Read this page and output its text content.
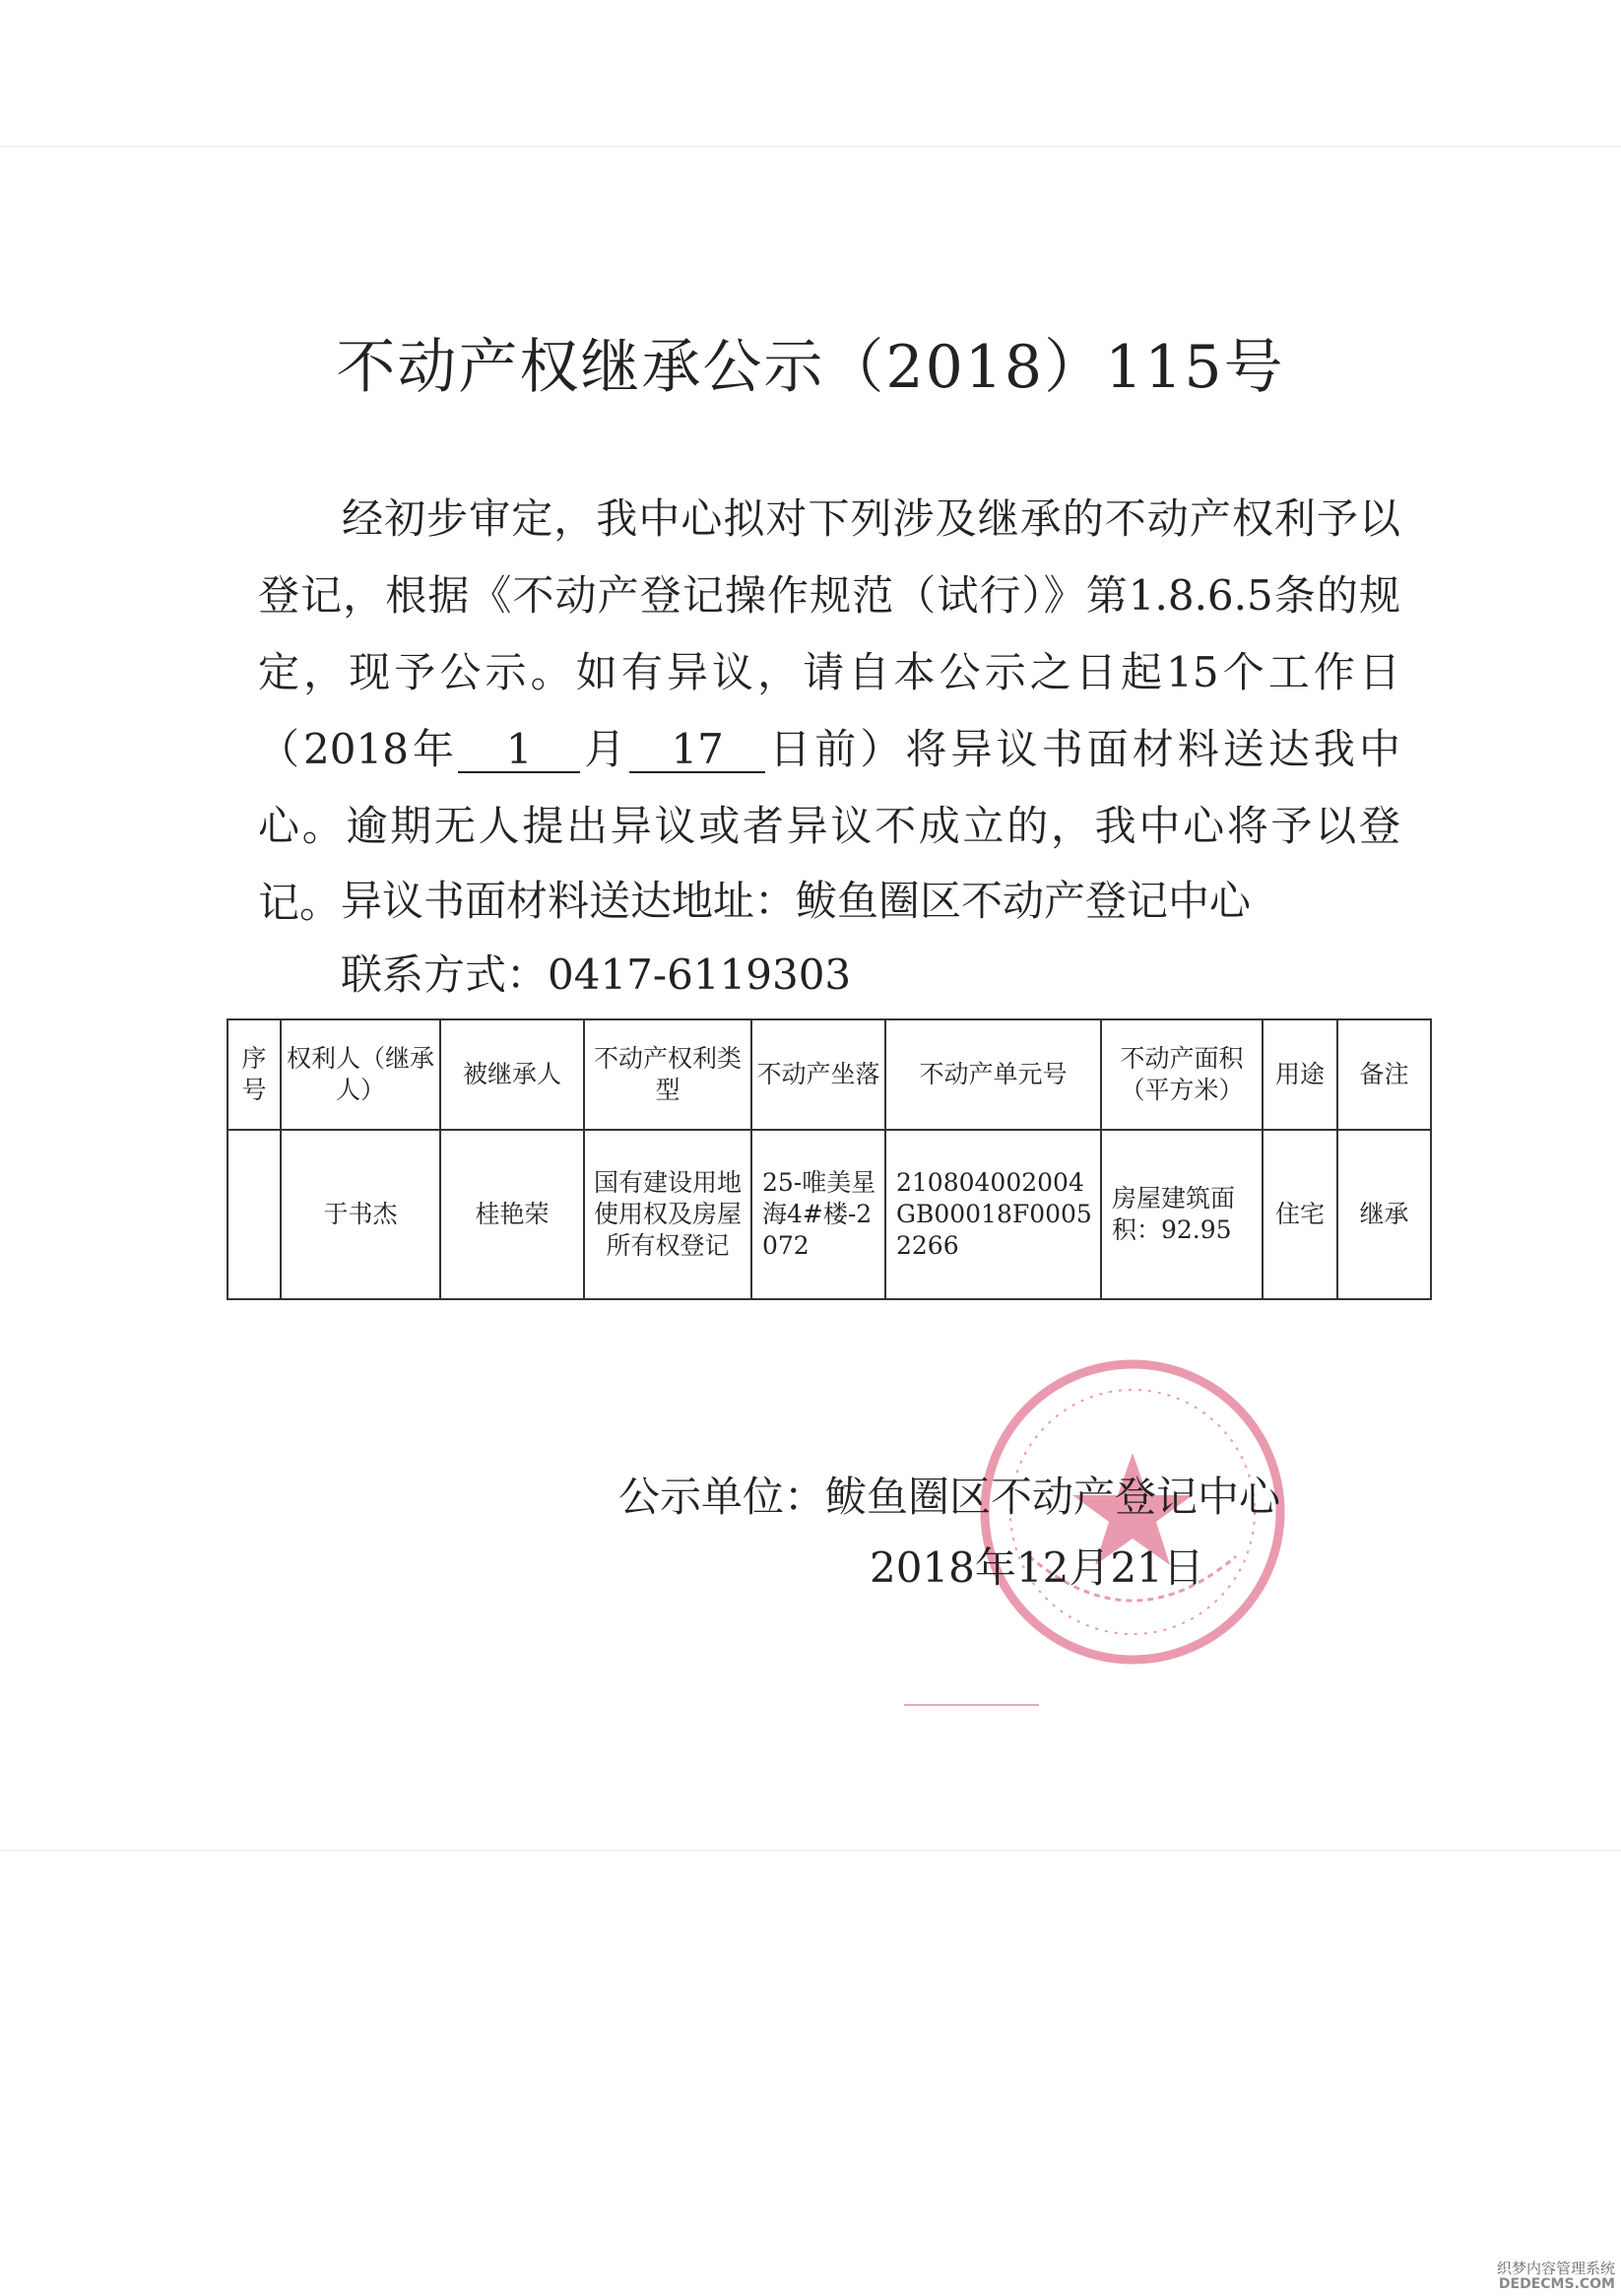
不动产权继承公示（2018）115号
经初步审定，我中心拟对下列涉及继承的不动产权利予以登记，根据《不动产登记操作规范（试行）》第1.8.6.5条的规定，现予公示。如有异议，请自本公示之日起15个工作日（2018年 1 月 17 日前）将异议书面材料送达我中心。逾期无人提出异议或者异议不成立的，我中心将予以登记。 异议书面材料送达地址：鲅鱼圈区不动产登记中心
联系方式：0417-6119303
序号	权利人（继承人）	被继承人	不动产权利类型	不动产坐落	不动产单元号	不动产面积（平方米）	用途	备注
	于书杰	桂艳荣	国有建设用地使用权及房屋所有权登记	25-唯美星海4#楼-2072	210804002004GB00018F00052266	房屋建筑面积：92.95	住宅	继承
公示单位：鲅鱼圈区不动产登记中心
2018年12月21日
织梦内容管理系统
DEDECMS.COM
